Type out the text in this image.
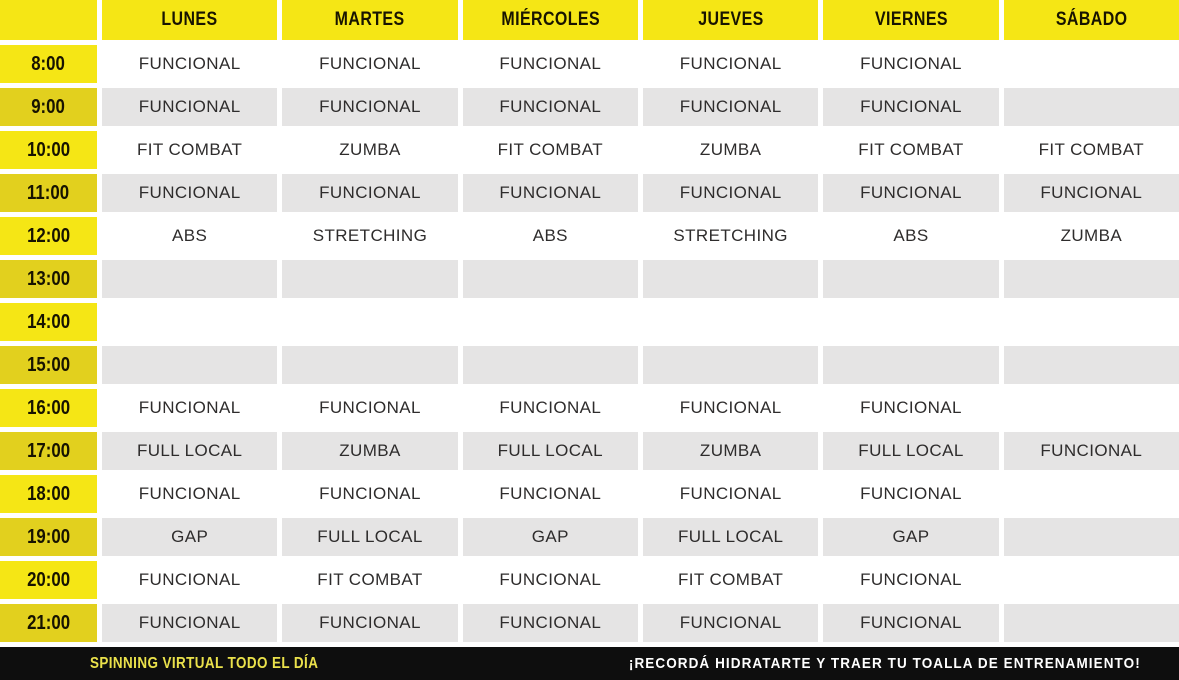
LUNES	MARTES	MIÉRCOLES	JUEVES	VIERNES	SÁBADO
8:00	FUNCIONAL	FUNCIONAL	FUNCIONAL	FUNCIONAL	FUNCIONAL
9:00	FUNCIONAL	FUNCIONAL	FUNCIONAL	FUNCIONAL	FUNCIONAL
10:00	FIT COMBAT	ZUMBA	FIT COMBAT	ZUMBA	FIT COMBAT	FIT COMBAT
11:00	FUNCIONAL	FUNCIONAL	FUNCIONAL	FUNCIONAL	FUNCIONAL	FUNCIONAL
12:00	ABS	STRETCHING	ABS	STRETCHING	ABS	ZUMBA
13:00
14:00
15:00
16:00	FUNCIONAL	FUNCIONAL	FUNCIONAL	FUNCIONAL	FUNCIONAL
17:00	FULL LOCAL	ZUMBA	FULL LOCAL	ZUMBA	FULL LOCAL	FUNCIONAL
18:00	FUNCIONAL	FUNCIONAL	FUNCIONAL	FUNCIONAL	FUNCIONAL
19:00	GAP	FULL LOCAL	GAP	FULL LOCAL	GAP
20:00	FUNCIONAL	FIT COMBAT	FUNCIONAL	FIT COMBAT	FUNCIONAL
21:00	FUNCIONAL	FUNCIONAL	FUNCIONAL	FUNCIONAL	FUNCIONAL
SPINNING VIRTUAL TODO EL DÍA	¡RECORDÁ HIDRATARTE Y TRAER TU TOALLA DE ENTRENAMIENTO!
